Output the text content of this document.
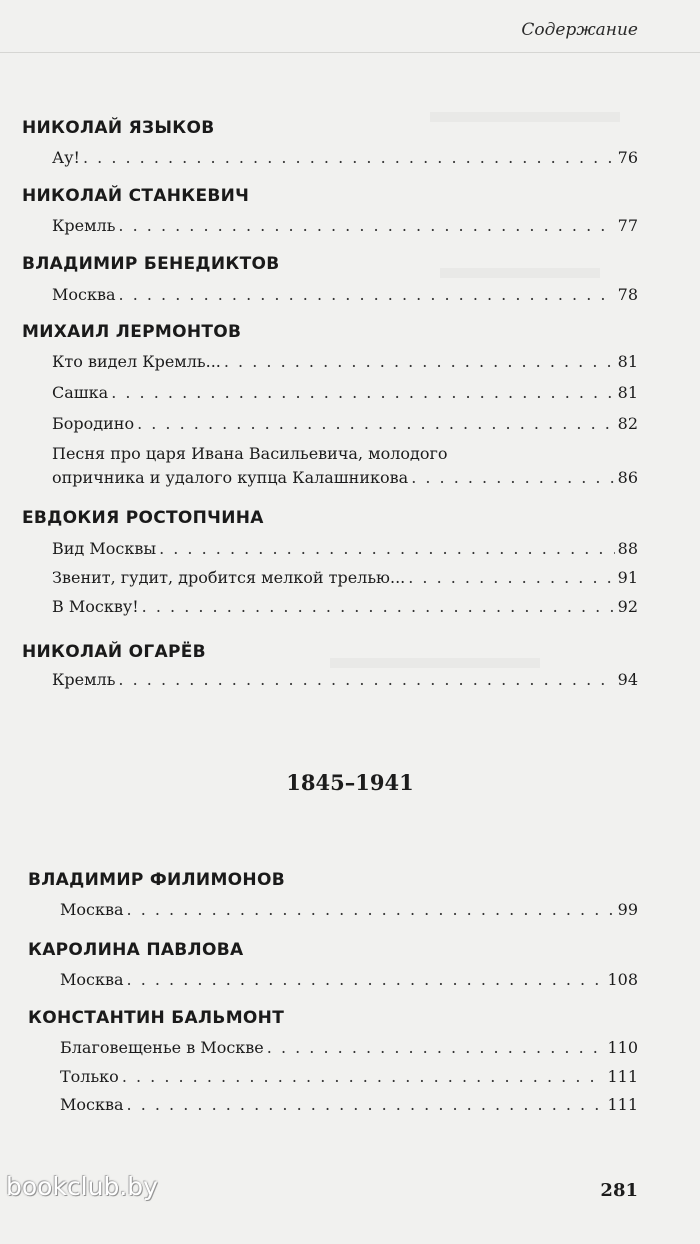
Содержание
НИКОЛАЙ ЯЗЫКОВ
Ау! . . .	76
НИКОЛАЙ СТАНКЕВИЧ
Кремль . . .	77
ВЛАДИМИР БЕНЕДИКТОВ
Москва . . .	78
МИХАИЛ ЛЕРМОНТОВ
Кто видел Кремль... . . .	81
Сашка . . .	81
Бородино . . .	82
Песня про царя Ивана Васильевича, молодого
опричника и удалого купца Калашникова . . .	86
ЕВДОКИЯ РОСТОПЧИНА
Вид Москвы . . .	88
Звенит, гудит, дробится мелкой трелью... . . .	91
В Москву! . . .	92
НИКОЛАЙ ОГАРЁВ
Кремль . . .	94
1845–1941
ВЛАДИМИР ФИЛИМОНОВ
Москва . . .	99
КАРОЛИНА ПАВЛОВА
Москва . . .	108
КОНСТАНТИН БАЛЬМОНТ
Благовещенье в Москве . . .	110
Только . . .	111
Москва . . .	111
bookclub.by	281
